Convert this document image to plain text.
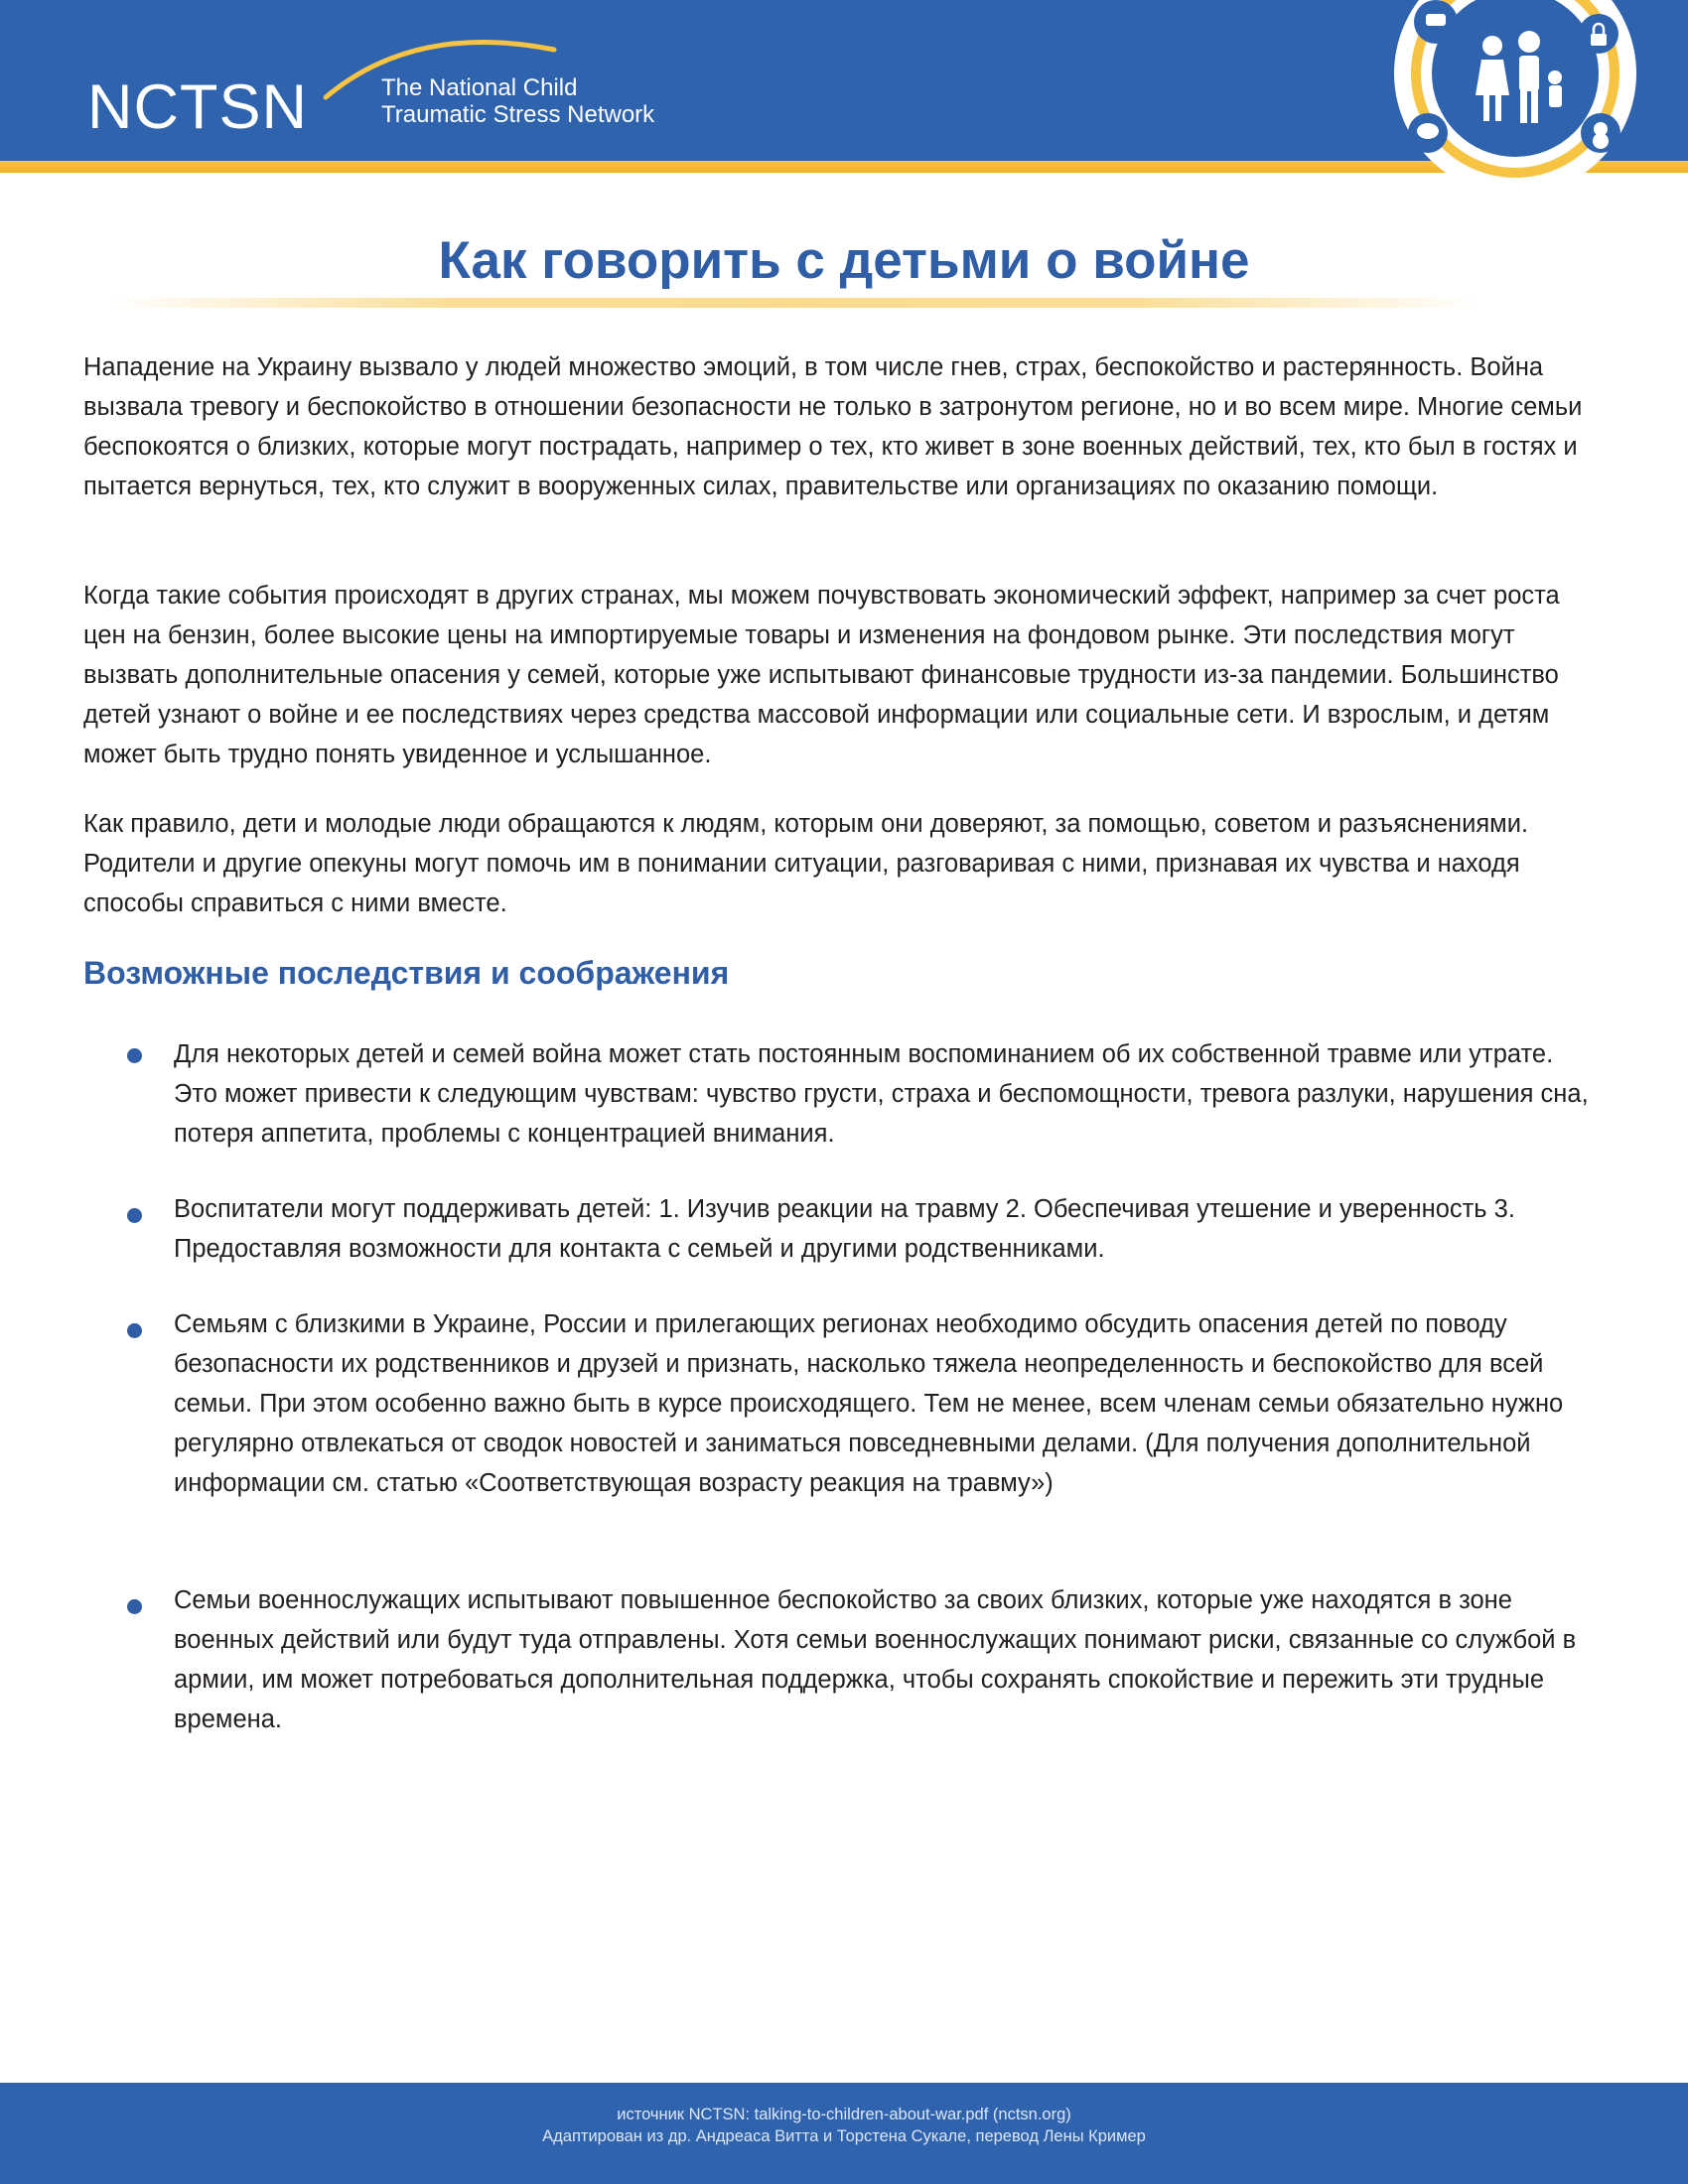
NCTSN	The National Child
Traumatic Stress Network
Как говорить с детьми о войне
Нападение на Украину вызвало у людей множество эмоций, в том числе гнев, страх, беспокойство и растерянность. Война вызвала тревогу и беспокойство в отношении безопасности не только в затронутом регионе, но и во всем мире. Многие семьи беспокоятся о близких, которые могут пострадать, например о тех, кто живет в зоне военных действий, тех, кто был в гостях и пытается вернуться, тех, кто служит в вооруженных силах, правительстве или организациях по оказанию помощи.
Когда такие события происходят в других странах, мы можем почувствовать экономический эффект, например за счет роста цен на бензин, более высокие цены на импортируемые товары и изменения на фондовом рынке. Эти последствия могут вызвать дополнительные опасения у семей, которые уже испытывают финансовые трудности из-за пандемии. Большинство детей узнают о войне и ее последствиях через средства массовой информации или социальные сети. И взрослым, и детям может быть трудно понять увиденное и услышанное.
Как правило, дети и молодые люди обращаются к людям, которым они доверяют, за помощью, советом и разъяснениями. Родители и другие опекуны могут помочь им в понимании ситуации, разговаривая с ними, признавая их чувства и находя способы справиться с ними вместе.
Возможные последствия и соображения
Для некоторых детей и семей война может стать постоянным воспоминанием об их собственной травме или утрате. Это может привести к следующим чувствам: чувство грусти, страха и беспомощности, тревога разлуки, нарушения сна, потеря аппетита, проблемы с концентрацией внимания.
Воспитатели могут поддерживать детей: 1. Изучив реакции на травму 2. Обеспечивая утешение и уверенность 3. Предоставляя возможности для контакта с семьей и другими родственниками.
Семьям с близкими в Украине, России и прилегающих регионах необходимо обсудить опасения детей по поводу безопасности их родственников и друзей и признать, насколько тяжела неопределенность и беспокойство для всей семьи. При этом особенно важно быть в курсе происходящего. Тем не менее, всем членам семьи обязательно нужно регулярно отвлекаться от сводок новостей и заниматься повседневными делами. (Для получения дополнительной информации см. статью «Соответствующая возрасту реакция на травму»)
Семьи военнослужащих испытывают повышенное беспокойство за своих близких, которые уже находятся в зоне военных действий или будут туда отправлены. Хотя семьи военнослужащих понимают риски, связанные со службой в армии, им может потребоваться дополнительная поддержка, чтобы сохранять спокойствие и пережить эти трудные времена.
источник NCTSN: talking-to-children-about-war.pdf (nctsn.org)
Адаптирован из др. Андреаса Витта и Торстена Сукале, перевод Лены Кример
